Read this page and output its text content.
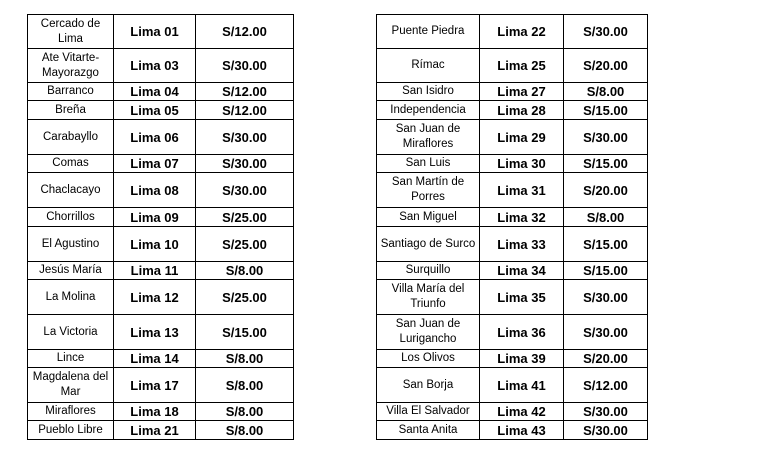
Cercado de Lima	Lima 01	S/12.00
Ate Vitarte-Mayorazgo	Lima 03	S/30.00
Barranco	Lima 04	S/12.00
Breña	Lima 05	S/12.00
Carabayllo	Lima 06	S/30.00
Comas	Lima 07	S/30.00
Chaclacayo	Lima 08	S/30.00
Chorrillos	Lima 09	S/25.00
El Agustino	Lima 10	S/25.00
Jesús María	Lima 11	S/8.00
La Molina	Lima 12	S/25.00
La Victoria	Lima 13	S/15.00
Lince	Lima 14	S/8.00
Magdalena del Mar	Lima 17	S/8.00
Miraflores	Lima 18	S/8.00
Pueblo Libre	Lima 21	S/8.00
Puente Piedra	Lima 22	S/30.00
Rímac	Lima 25	S/20.00
San Isidro	Lima 27	S/8.00
Independencia	Lima 28	S/15.00
San Juan de Miraflores	Lima 29	S/30.00
San Luis	Lima 30	S/15.00
San Martín de Porres	Lima 31	S/20.00
San Miguel	Lima 32	S/8.00
Santiago de Surco	Lima 33	S/15.00
Surquillo	Lima 34	S/15.00
Villa María del Triunfo	Lima 35	S/30.00
San Juan de Lurigancho	Lima 36	S/30.00
Los Olivos	Lima 39	S/20.00
San Borja	Lima 41	S/12.00
Villa El Salvador	Lima 42	S/30.00
Santa Anita	Lima 43	S/30.00
